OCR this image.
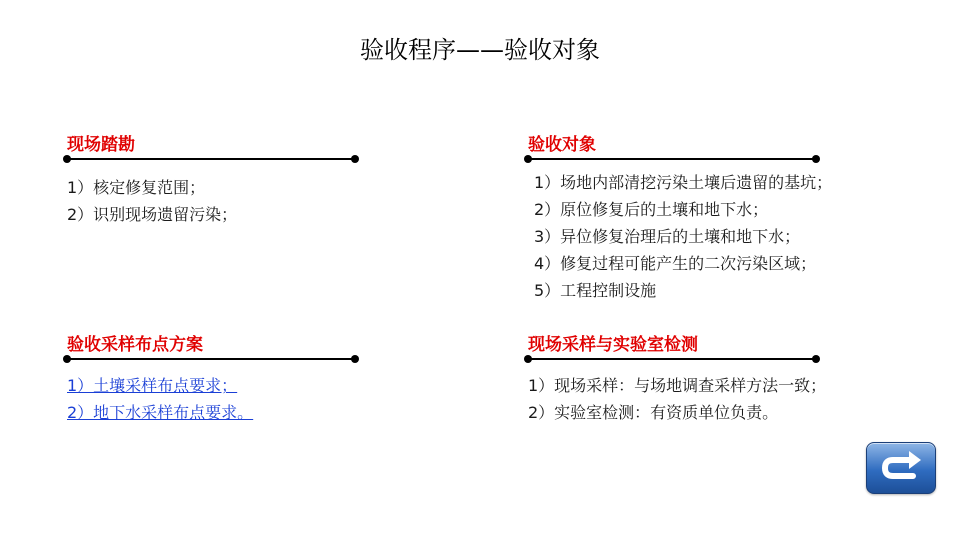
验收程序——验收对象
现场踏勘
1）核定修复范围；
2）识别现场遗留污染；
验收对象
1）场地内部清挖污染土壤后遗留的基坑；
2）原位修复后的土壤和地下水；
3）异位修复治理后的土壤和地下水；
4）修复过程可能产生的二次污染区域；
5）工程控制设施
验收采样布点方案
1）土壤采样布点要求；
2）地下水采样布点要求。
现场采样与实验室检测
1）现场采样：与场地调查采样方法一致；
2）实验室检测：有资质单位负责。
